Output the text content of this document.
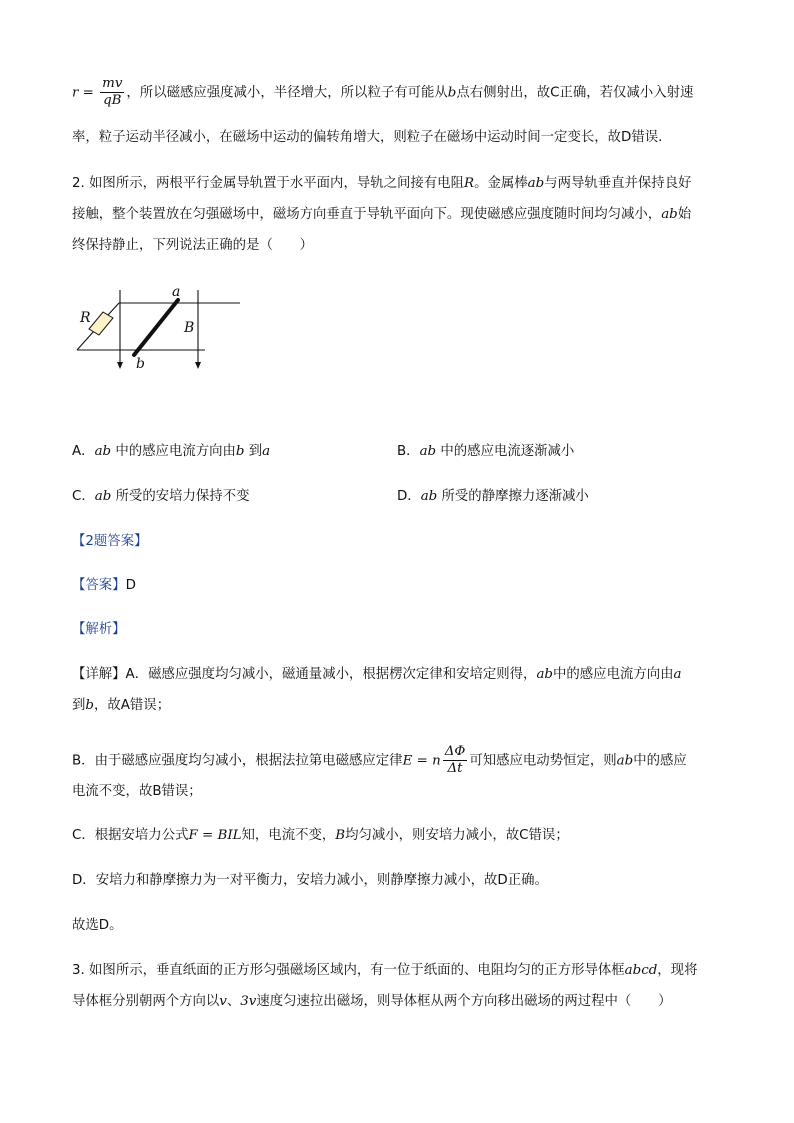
$r = \frac{mv}{qB}$ ，所以磁感应强度减小，半径增大，所以粒子有可能从b点右侧射出，故C正确，若仅减小入射速
率，粒子运动半径减小，在磁场中运动的偏转角增大，则粒子在磁场中运动时间一定变长，故D错误.
2. 如图所示，两根平行金属导轨置于水平面内，导轨之间接有电阻R。金属棒ab与两导轨垂直并保持良好
接触，整个装置放在匀强磁场中，磁场方向垂直于导轨平面向下。现使磁感应强度随时间均匀减小，ab始
终保持静止，下列说法正确的是（　　）
a
b
R
B
A．ab 中的感应电流方向由b 到a	B．ab 中的感应电流逐渐减小
C．ab 所受的安培力保持不变	D．ab 所受的静摩擦力逐渐减小
【2题答案】
【答案】D
【解析】
【详解】A．磁感应强度均匀减小，磁通量减小，根据楞次定律和安培定则得，ab中的感应电流方向由a
到b，故A错误；
B．由于磁感应强度均匀减小，根据法拉第电磁感应定律E = n $\frac{\Delta\Phi}{\Delta t}$ 可知感应电动势恒定，则ab中的感应
电流不变，故B错误；
C．根据安培力公式F = BIL知，电流不变，B均匀减小，则安培力减小，故C错误；
D．安培力和静摩擦力为一对平衡力，安培力减小，则静摩擦力减小，故D正确。
故选D。
3. 如图所示，垂直纸面的正方形匀强磁场区域内，有一位于纸面的、电阻均匀的正方形导体框abcd，现将
导体框分别朝两个方向以v、3v速度匀速拉出磁场，则导体框从两个方向移出磁场的两过程中（　　）
